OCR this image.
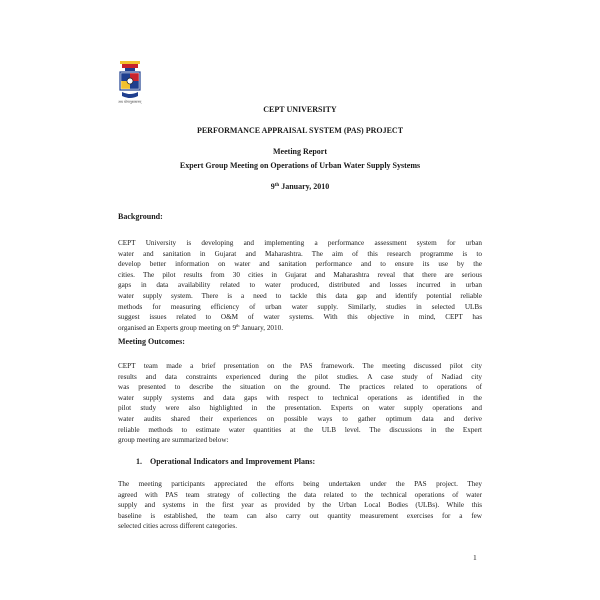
अथ योगानुशासनम्

CEPT UNIVERSITY

PERFORMANCE APPRAISAL SYSTEM (PAS) PROJECT

Meeting Report

Expert Group Meeting on Operations of Urban Water Supply Systems

9th January, 2010

Background:

CEPT University is developing and implementing a performance assessment system for urban
water and sanitation in Gujarat and Maharashtra. The aim of this research programme is to
develop better information on water and sanitation performance and to ensure its use by the
cities. The pilot results from 30 cities in Gujarat and Maharashtra reveal that there are serious
gaps in data availability related to water produced, distributed and losses incurred in urban
water supply system. There is a need to tackle this data gap and identify potential reliable
methods for measuring efficiency of urban water supply. Similarly, studies in selected ULBs
suggest issues related to O&M of water systems. With this objective in mind, CEPT has
organised an Experts group meeting on 9th January, 2010.

Meeting Outcomes:

CEPT team made a brief presentation on the PAS framework. The meeting discussed pilot city
results and data constraints experienced during the pilot studies. A case study of Nadiad city
was presented to describe the situation on the ground. The practices related to operations of
water supply systems and data gaps with respect to technical operations as identified in the
pilot study were also highlighted in the presentation. Experts on water supply operations and
water audits shared their experiences on possible ways to gather optimum data and derive
reliable methods to estimate water quantities at the ULB level. The discussions in the Expert
group meeting are summarized below:

1. Operational Indicators and Improvement Plans:

The meeting participants appreciated the efforts being undertaken under the PAS project. They
agreed with PAS team strategy of collecting the data related to the technical operations of water
supply and systems in the first year as provided by the Urban Local Bodies (ULBs). While this
baseline is established, the team can also carry out quantity measurement exercises for a few
selected cities across different categories.
1
